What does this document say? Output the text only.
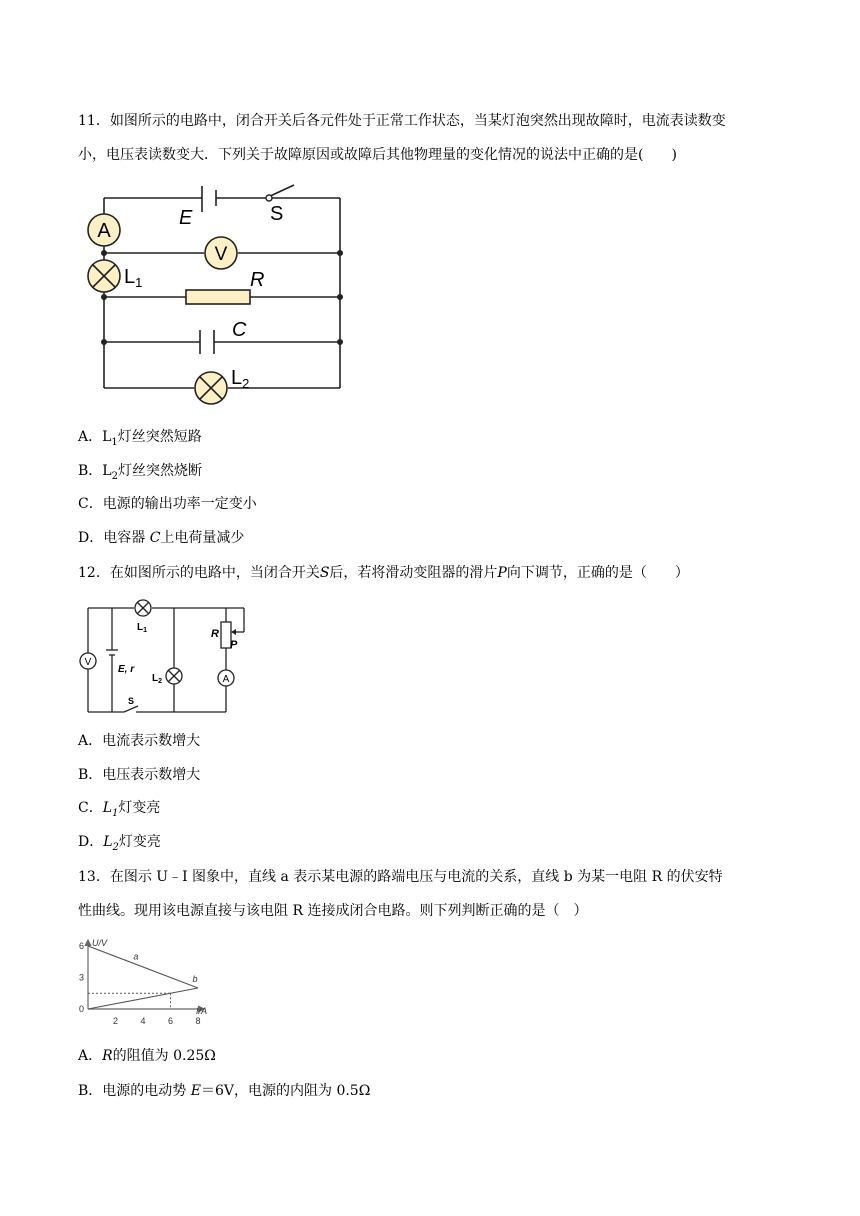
11．如图所示的电路中，闭合开关后各元件处于正常工作状态，当某灯泡突然出现故障时，电流表读数变
小，电压表读数变大．下列关于故障原因或故障后其他物理量的变化情况的说法中正确的是(　　)
A
V
$L_1$	R
C
$L_2$
E	S
A．$L_1$灯丝突然短路
B．$L_2$灯丝突然烧断
C．电源的输出功率一定变小
D．电容器 C上电荷量减少
12．在如图所示的电路中，当闭合开关S后，若将滑动变阻器的滑片P向下调节，正确的是（　　）
V
$L_1$
$L_2$	A
R
P
E, r
S
A．电流表示数增大
B．电压表示数增大
C．$L_1$灯变亮
D．$L_2$灯变亮
13．在图示 U﹣I 图象中，直线 a 表示某电源的路端电压与电流的关系，直线 b 为某一电阻 R 的伏安特
性曲线。现用该电源直接与该电阻 R 连接成闭合电路。则下列判断正确的是（　）
U/V
I/A
a
b
2 4 6 8
6
3
0
A．R的阻值为 0.25Ω
B．电源的电动势 E＝6V，电源的内阻为 0.5Ω
